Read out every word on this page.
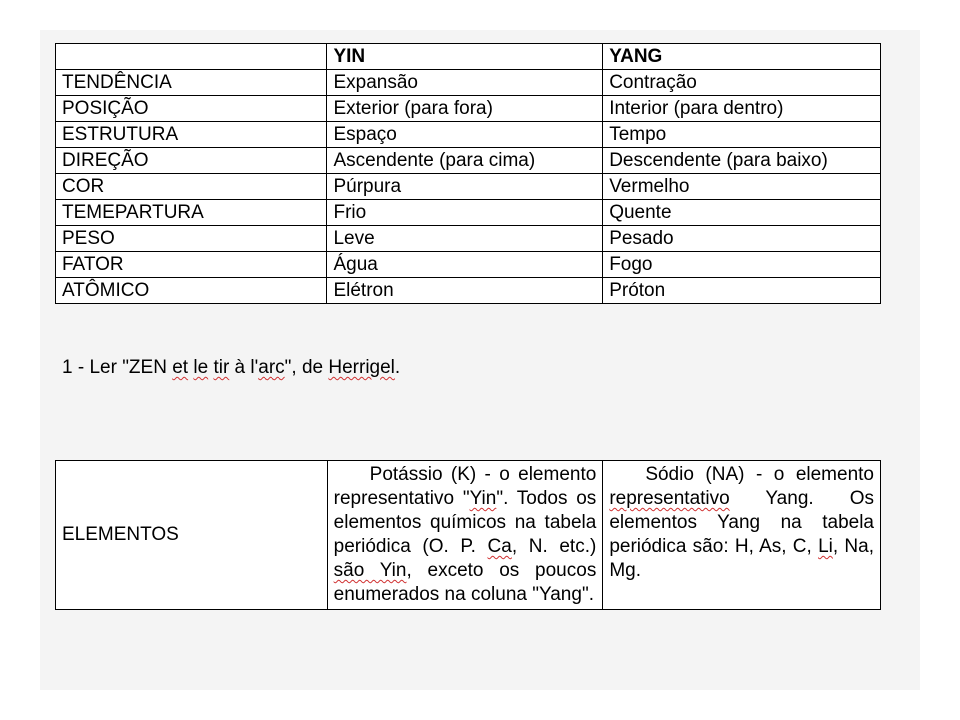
	YIN	YANG
TENDÊNCIA	Expansão	Contração
POSIÇÃO	Exterior (para fora)	Interior (para dentro)
ESTRUTURA	Espaço	Tempo
DIREÇÃO	Ascendente (para cima)	Descendente (para baixo)
COR	Púrpura	Vermelho
TEMEPARTURA	Frio	Quente
PESO	Leve	Pesado
FATOR	Água	Fogo
ATÔMICO	Elétron	Próton
1 - Ler "ZEN et le tir à l'arc", de Herrigel.
ELEMENTOS	Potássio (K) - o elemento representativo "Yin". Todos os elementos químicos na tabela periódica (O. P. Ca, N. etc.) são Yin, exceto os poucos enumerados na coluna "Yang".	Sódio (NA) - o elemento representativo Yang. Os elementos Yang na tabela periódica são: H, As, C, Li, Na, Mg.
